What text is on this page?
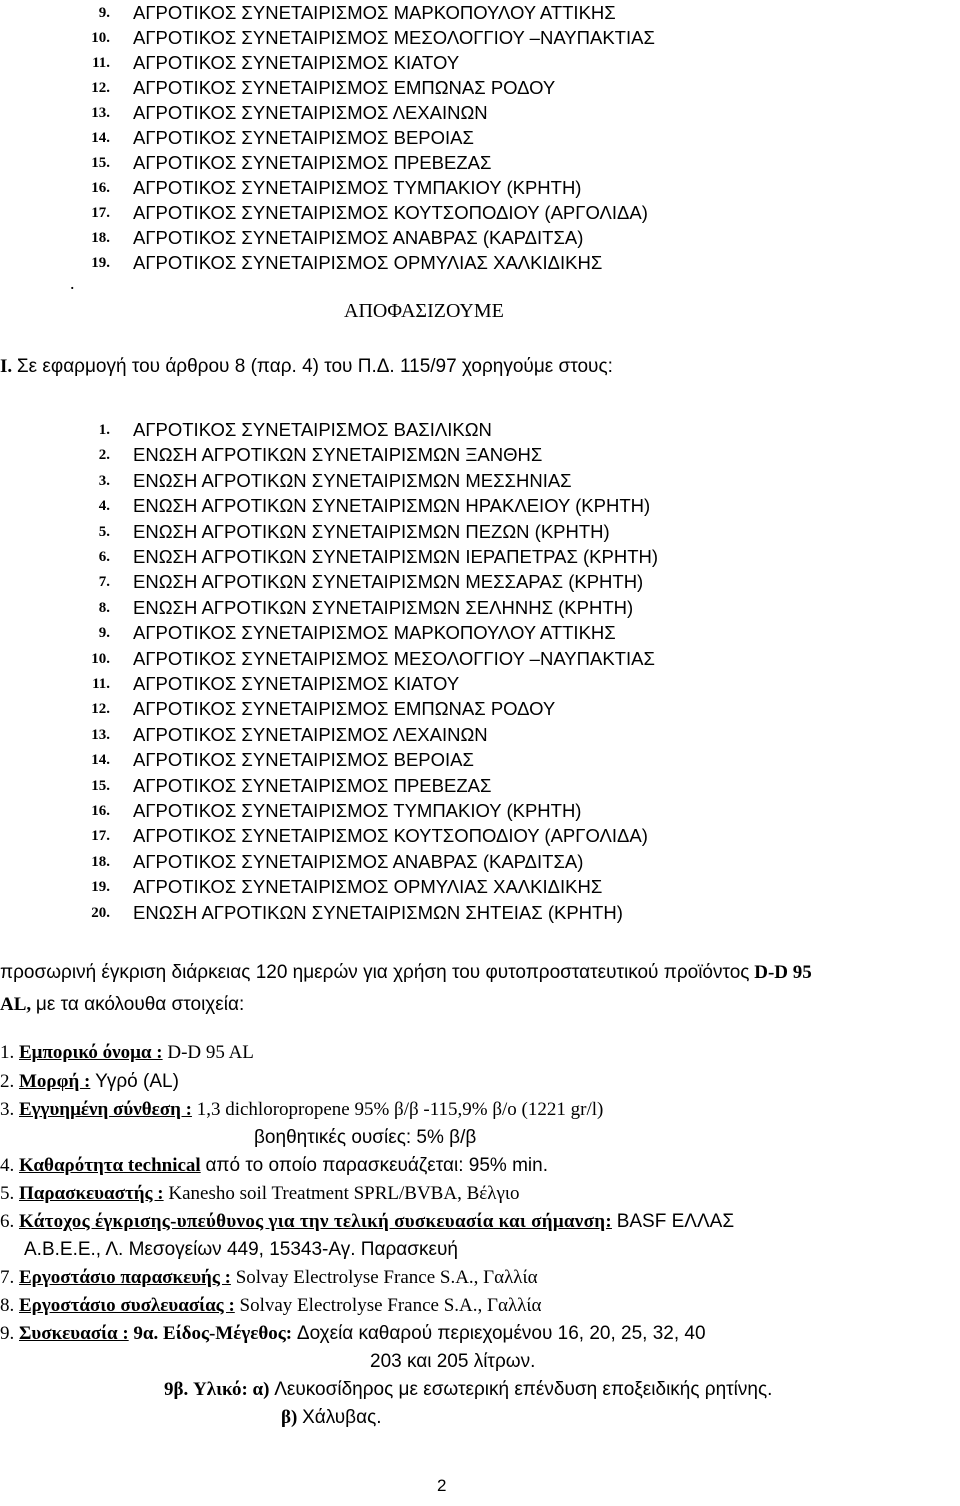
9. ΑΓΡΟΤΙΚΟΣ ΣΥΝΕΤΑΙΡΙΣΜΟΣ ΜΑΡΚΟΠΟΥΛΟΥ ΑΤΤΙΚΗΣ
10. ΑΓΡΟΤΙΚΟΣ ΣΥΝΕΤΑΙΡΙΣΜΟΣ ΜΕΣΟΛΟΓΓΙΟΥ –ΝΑΥΠΑΚΤΙΑΣ
11. ΑΓΡΟΤΙΚΟΣ ΣΥΝΕΤΑΙΡΙΣΜΟΣ ΚΙΑΤΟΥ
12. ΑΓΡΟΤΙΚΟΣ ΣΥΝΕΤΑΙΡΙΣΜΟΣ ΕΜΠΩΝΑΣ ΡΟΔΟΥ
13. ΑΓΡΟΤΙΚΟΣ ΣΥΝΕΤΑΙΡΙΣΜΟΣ ΛΕΧΑΙΝΩΝ
14. ΑΓΡΟΤΙΚΟΣ ΣΥΝΕΤΑΙΡΙΣΜΟΣ ΒΕΡΟΙΑΣ
15. ΑΓΡΟΤΙΚΟΣ ΣΥΝΕΤΑΙΡΙΣΜΟΣ ΠΡΕΒΕΖΑΣ
16. ΑΓΡΟΤΙΚΟΣ ΣΥΝΕΤΑΙΡΙΣΜΟΣ ΤΥΜΠΑΚΙΟΥ (ΚΡΗΤΗ)
17. ΑΓΡΟΤΙΚΟΣ ΣΥΝΕΤΑΙΡΙΣΜΟΣ ΚΟΥΤΣΟΠΟΔΙΟΥ (ΑΡΓΟΛΙΔΑ)
18. ΑΓΡΟΤΙΚΟΣ ΣΥΝΕΤΑΙΡΙΣΜΟΣ ΑΝΑΒΡΑΣ (ΚΑΡΔΙΤΣΑ)
19. ΑΓΡΟΤΙΚΟΣ ΣΥΝΕΤΑΙΡΙΣΜΟΣ ΟΡΜΥΛΙΑΣ ΧΑΛΚΙΔΙΚΗΣ
.
ΑΠΟΦΑΣΙΖΟΥΜΕ
Ι. Σε εφαρμογή του άρθρου 8 (παρ. 4) του Π.Δ. 115/97 χορηγούμε στους:
1. ΑΓΡΟΤΙΚΟΣ ΣΥΝΕΤΑΙΡΙΣΜΟΣ ΒΑΣΙΛΙΚΩΝ
2. ΕΝΩΣΗ ΑΓΡΟΤΙΚΩΝ ΣΥΝΕΤΑΙΡΙΣΜΩΝ ΞΑΝΘΗΣ
3. ΕΝΩΣΗ ΑΓΡΟΤΙΚΩΝ ΣΥΝΕΤΑΙΡΙΣΜΩΝ ΜΕΣΣΗΝΙΑΣ
4. ΕΝΩΣΗ ΑΓΡΟΤΙΚΩΝ ΣΥΝΕΤΑΙΡΙΣΜΩΝ ΗΡΑΚΛΕΙΟΥ (ΚΡΗΤΗ)
5. ΕΝΩΣΗ ΑΓΡΟΤΙΚΩΝ ΣΥΝΕΤΑΙΡΙΣΜΩΝ ΠΕΖΩΝ (ΚΡΗΤΗ)
6. ΕΝΩΣΗ ΑΓΡΟΤΙΚΩΝ ΣΥΝΕΤΑΙΡΙΣΜΩΝ ΙΕΡΑΠΕΤΡΑΣ (ΚΡΗΤΗ)
7. ΕΝΩΣΗ ΑΓΡΟΤΙΚΩΝ ΣΥΝΕΤΑΙΡΙΣΜΩΝ ΜΕΣΣΑΡΑΣ (ΚΡΗΤΗ)
8. ΕΝΩΣΗ ΑΓΡΟΤΙΚΩΝ ΣΥΝΕΤΑΙΡΙΣΜΩΝ ΣΕΛΗΝΗΣ (ΚΡΗΤΗ)
9. ΑΓΡΟΤΙΚΟΣ ΣΥΝΕΤΑΙΡΙΣΜΟΣ ΜΑΡΚΟΠΟΥΛΟΥ ΑΤΤΙΚΗΣ
10. ΑΓΡΟΤΙΚΟΣ ΣΥΝΕΤΑΙΡΙΣΜΟΣ ΜΕΣΟΛΟΓΓΙΟΥ –ΝΑΥΠΑΚΤΙΑΣ
11. ΑΓΡΟΤΙΚΟΣ ΣΥΝΕΤΑΙΡΙΣΜΟΣ ΚΙΑΤΟΥ
12. ΑΓΡΟΤΙΚΟΣ ΣΥΝΕΤΑΙΡΙΣΜΟΣ ΕΜΠΩΝΑΣ ΡΟΔΟΥ
13. ΑΓΡΟΤΙΚΟΣ ΣΥΝΕΤΑΙΡΙΣΜΟΣ ΛΕΧΑΙΝΩΝ
14. ΑΓΡΟΤΙΚΟΣ ΣΥΝΕΤΑΙΡΙΣΜΟΣ ΒΕΡΟΙΑΣ
15. ΑΓΡΟΤΙΚΟΣ ΣΥΝΕΤΑΙΡΙΣΜΟΣ ΠΡΕΒΕΖΑΣ
16. ΑΓΡΟΤΙΚΟΣ ΣΥΝΕΤΑΙΡΙΣΜΟΣ ΤΥΜΠΑΚΙΟΥ (ΚΡΗΤΗ)
17. ΑΓΡΟΤΙΚΟΣ ΣΥΝΕΤΑΙΡΙΣΜΟΣ ΚΟΥΤΣΟΠΟΔΙΟΥ (ΑΡΓΟΛΙΔΑ)
18. ΑΓΡΟΤΙΚΟΣ ΣΥΝΕΤΑΙΡΙΣΜΟΣ ΑΝΑΒΡΑΣ (ΚΑΡΔΙΤΣΑ)
19. ΑΓΡΟΤΙΚΟΣ ΣΥΝΕΤΑΙΡΙΣΜΟΣ ΟΡΜΥΛΙΑΣ ΧΑΛΚΙΔΙΚΗΣ
20. ΕΝΩΣΗ ΑΓΡΟΤΙΚΩΝ ΣΥΝΕΤΑΙΡΙΣΜΩΝ ΣΗΤΕΙΑΣ (ΚΡΗΤΗ)
προσωρινή έγκριση διάρκειας 120 ημερών για χρήση του φυτοπροστατευτικού προϊόντος D-D 95
AL, με τα ακόλουθα στοιχεία:
1. Εμπορικό όνομα : D-D 95 AL
2. Μορφή : Υγρό (AL)
3. Εγγυημένη σύνθεση : 1,3 dichloropropene 95% β/β -115,9% β/ο (1221 gr/l)
βοηθητικές ουσίες: 5% β/β
4. Καθαρότητα technical από το οποίο παρασκευάζεται: 95% min.
5. Παρασκευαστής : Kanesho soil Treatment SPRL/BVBA, Βέλγιο
6. Κάτοχος έγκρισης-υπεύθυνος για την τελική συσκευασία και σήμανση: BASF ΕΛΛΑΣ
Α.Β.Ε.Ε., Λ. Μεσογείων 449, 15343-Αγ. Παρασκευή
7. Εργοστάσιο παρασκευής : Solvay Electrolyse France S.A., Γαλλία
8. Εργοστάσιο συσλευασίας : Solvay Electrolyse France S.A., Γαλλία
9. Συσκευασία : 9α. Είδος-Μέγεθος: Δοχεία καθαρού περιεχομένου 16, 20, 25, 32, 40
203 και 205 λίτρων.
9β. Υλικό: α) Λευκοσίδηρος με εσωτερική επένδυση εποξειδικής ρητίνης.
β) Χάλυβας.
2
